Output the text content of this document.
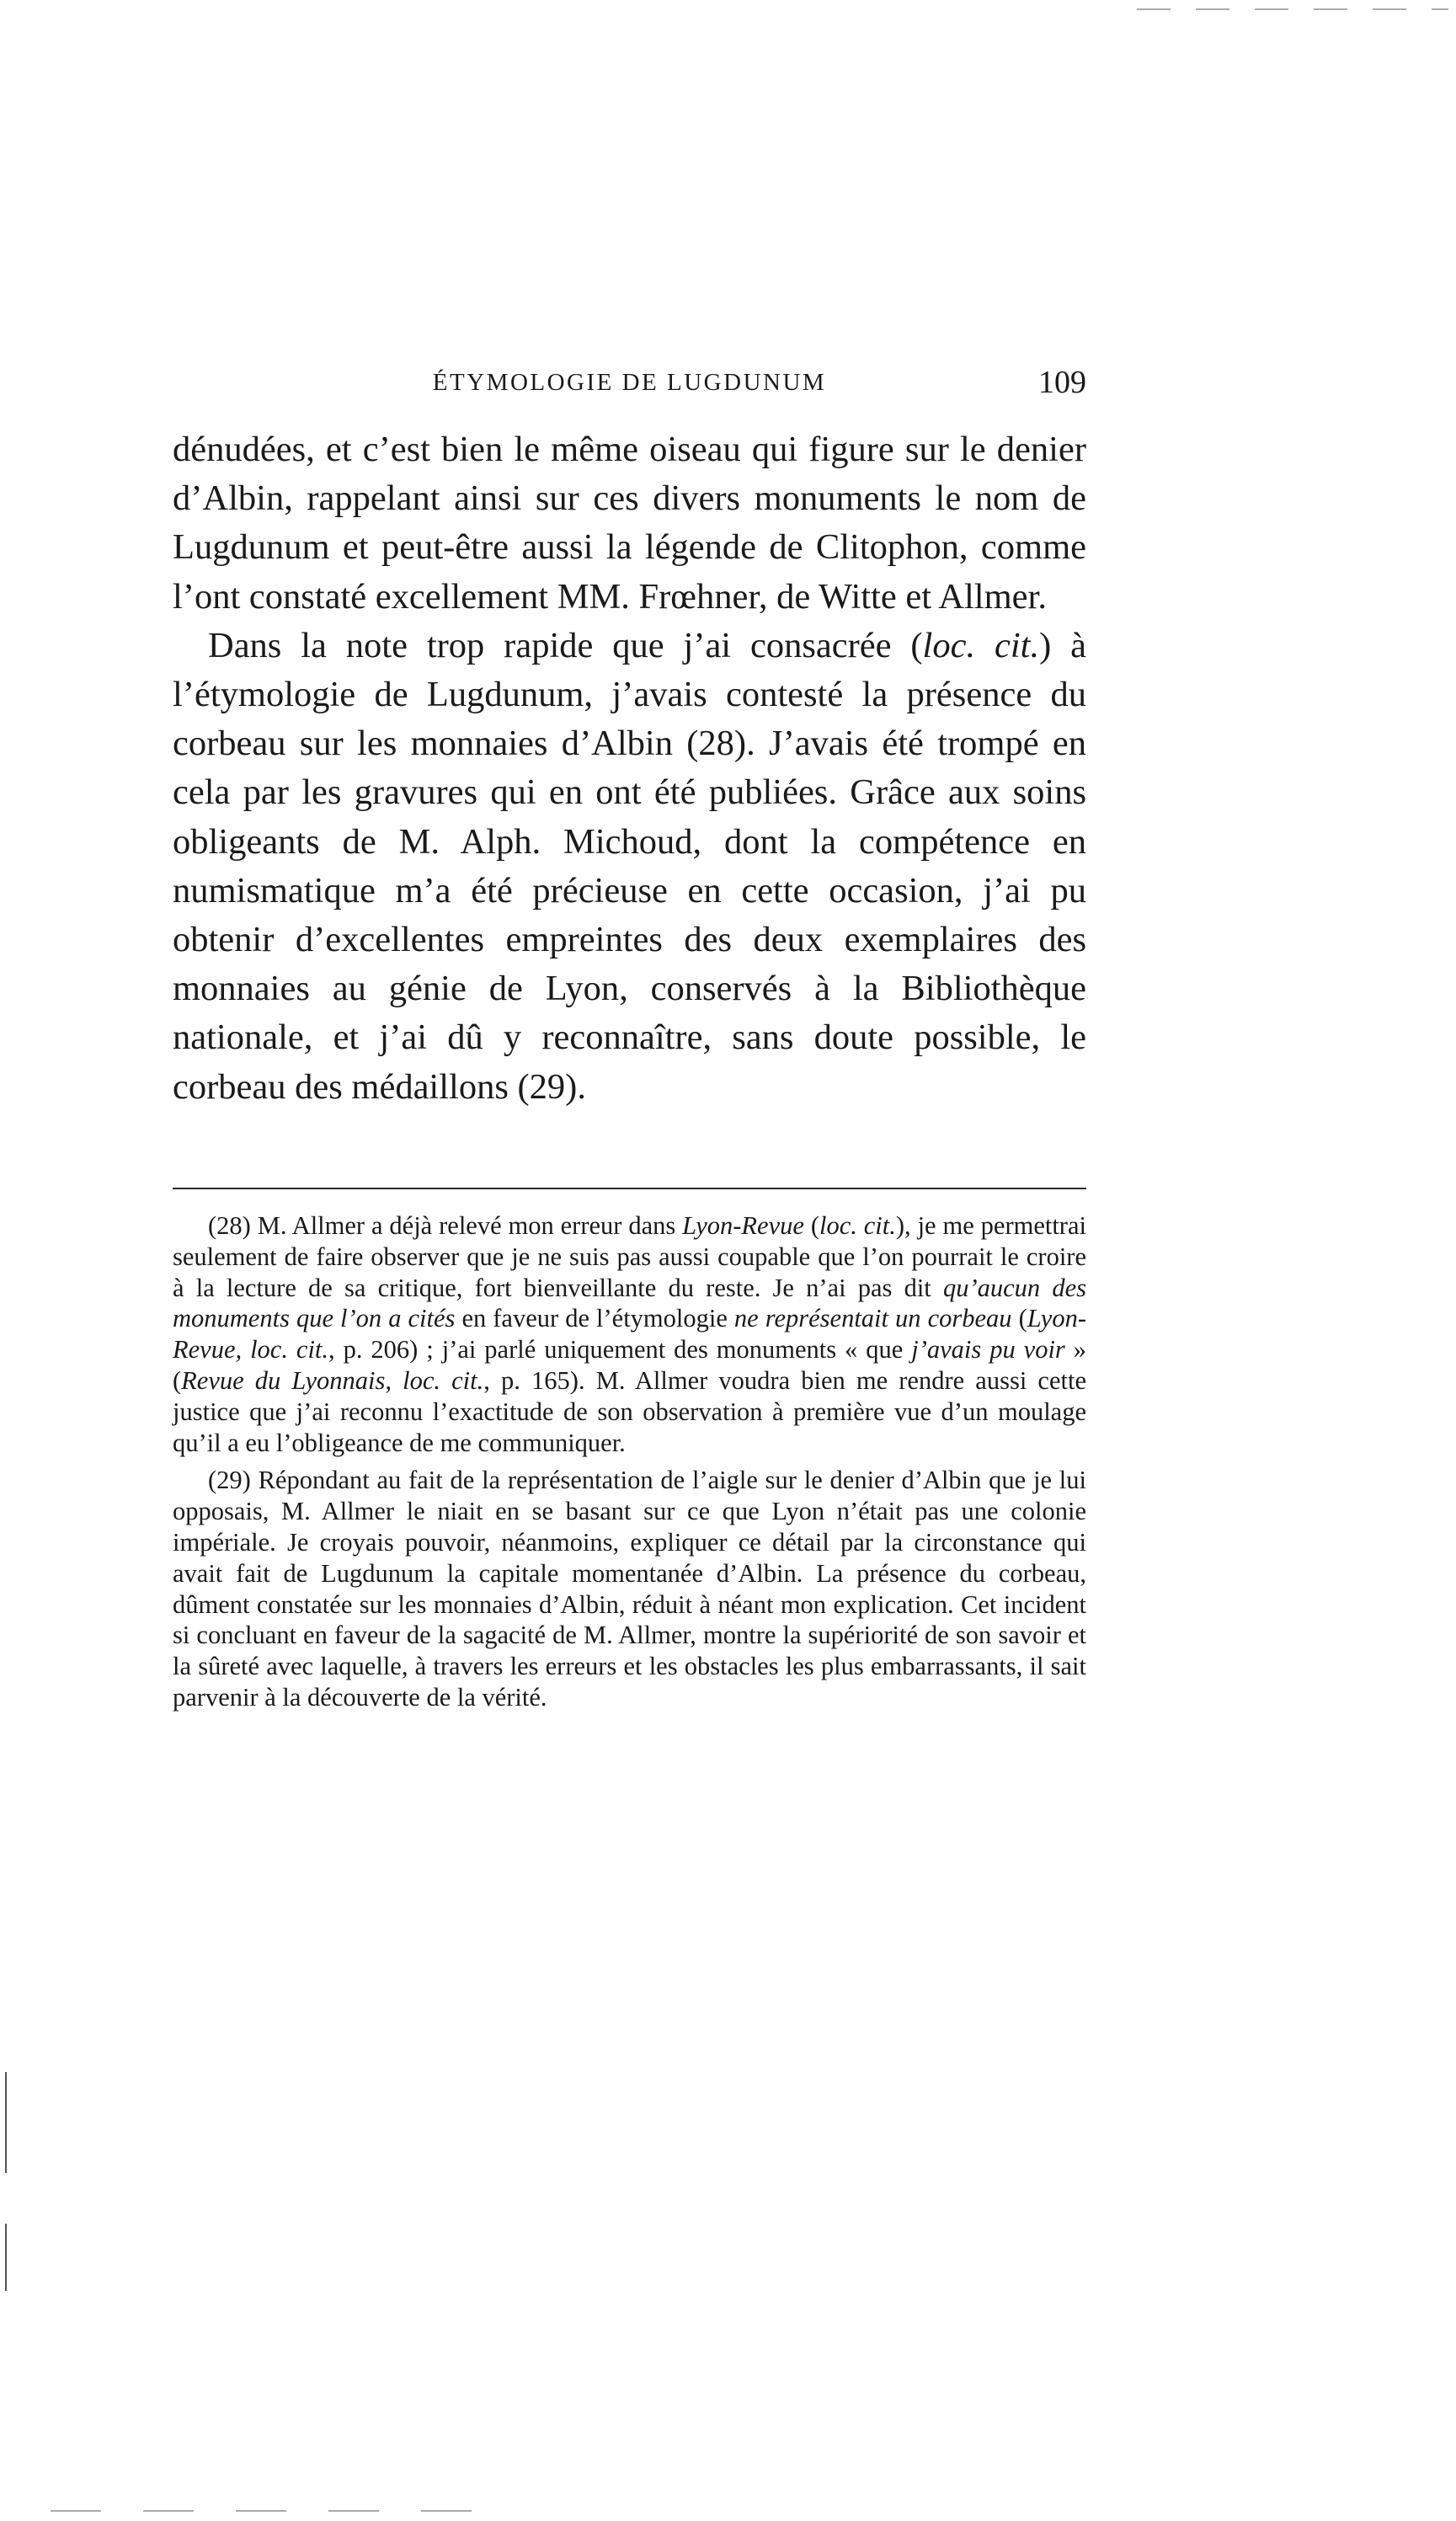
ÉTYMOLOGIE DE LUGDUNUM	109

dénudées, et c’est bien le même oiseau qui figure sur le denier d’Albin, rappelant ainsi sur ces divers monuments le nom de Lugdunum et peut-être aussi la légende de Clitophon, comme l’ont constaté excellement MM. Frœhner, de Witte et Allmer.

Dans la note trop rapide que j’ai consacrée (loc. cit.) à l’étymologie de Lugdunum, j’avais contesté la présence du corbeau sur les monnaies d’Albin (28). J’avais été trompé en cela par les gravures qui en ont été publiées. Grâce aux soins obligeants de M. Alph. Michoud, dont la compétence en numismatique m’a été précieuse en cette occasion, j’ai pu obtenir d’excellentes empreintes des deux exemplaires des monnaies au génie de Lyon, conservés à la Bibliothèque nationale, et j’ai dû y reconnaître, sans doute possible, le corbeau des médaillons (29).

(28) M. Allmer a déjà relevé mon erreur dans Lyon-Revue (loc. cit.), je me permettrai seulement de faire observer que je ne suis pas aussi coupable que l’on pourrait le croire à la lecture de sa critique, fort bienveillante du reste. Je n’ai pas dit qu’aucun des monuments que l’on a cités en faveur de l’étymologie ne représentait un corbeau (Lyon-Revue, loc. cit., p. 206) ; j’ai parlé uniquement des monuments « que j’avais pu voir » (Revue du Lyonnais, loc. cit., p. 165). M. Allmer voudra bien me rendre aussi cette justice que j’ai reconnu l’exactitude de son observation à première vue d’un moulage qu’il a eu l’obligeance de me communiquer.

(29) Répondant au fait de la représentation de l’aigle sur le denier d’Albin que je lui opposais, M. Allmer le niait en se basant sur ce que Lyon n’était pas une colonie impériale. Je croyais pouvoir, néanmoins, expliquer ce détail par la circonstance qui avait fait de Lugdunum la capitale momentanée d’Albin. La présence du corbeau, dûment constatée sur les monnaies d’Albin, réduit à néant mon explication. Cet incident si concluant en faveur de la sagacité de M. Allmer, montre la supériorité de son savoir et la sûreté avec laquelle, à travers les erreurs et les obstacles les plus embarrassants, il sait parvenir à la découverte de la vérité.
